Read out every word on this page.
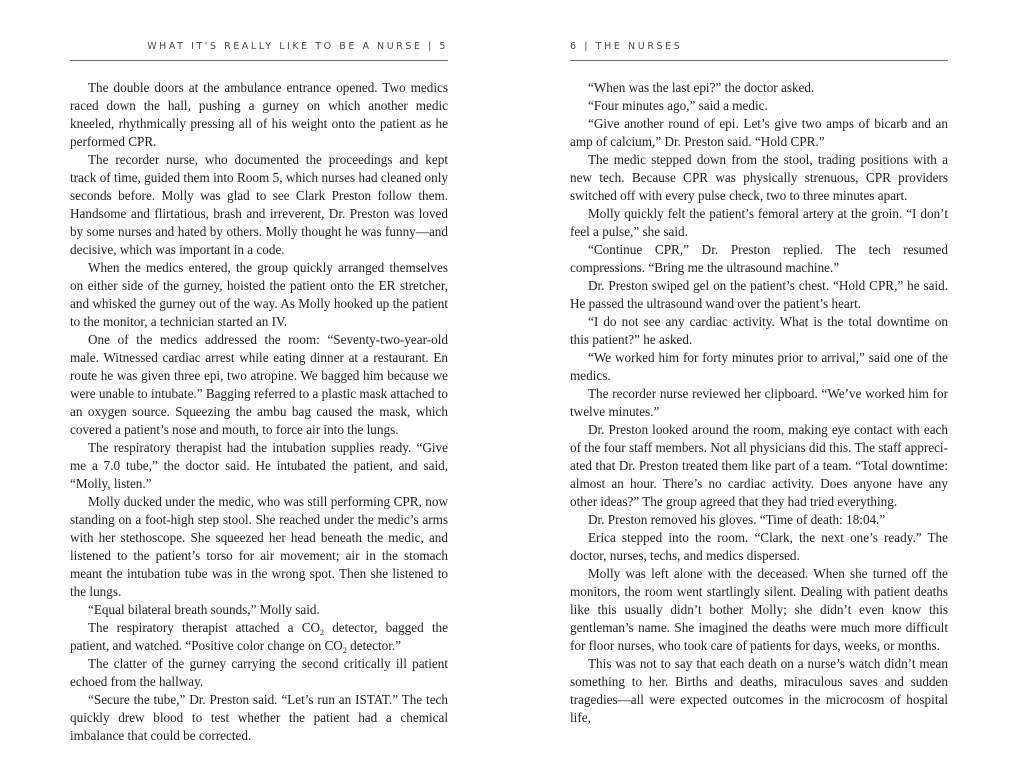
WHAT IT'S REALLY LIKE TO BE A NURSE | 5

The double doors at the ambulance entrance opened. Two medics raced down the hall, pushing a gurney on which another medic kneeled, rhythmically pressing all of his weight onto the patient as he performed CPR.

The recorder nurse, who documented the proceedings and kept track of time, guided them into Room 5, which nurses had cleaned only seconds before. Molly was glad to see Clark Preston follow them. Handsome and flirtatious, brash and irreverent, Dr. Preston was loved by some nurses and hated by others. Molly thought he was funny—and decisive, which was important in a code.

When the medics entered, the group quickly arranged themselves on either side of the gurney, hoisted the patient onto the ER stretcher, and whisked the gurney out of the way. As Molly hooked up the patient to the monitor, a technician started an IV.

One of the medics addressed the room: “Seventy-two-year-old male. Witnessed cardiac arrest while eating dinner at a restaurant. En route he was given three epi, two atropine. We bagged him because we were unable to intubate.” Bagging referred to a plastic mask attached to an oxygen source. Squeezing the ambu bag caused the mask, which covered a patient’s nose and mouth, to force air into the lungs.

The respiratory therapist had the intubation supplies ready. “Give me a 7.0 tube,” the doctor said. He intubated the patient, and said, “Molly, listen.”

Molly ducked under the medic, who was still performing CPR, now standing on a foot-high step stool. She reached under the medic’s arms with her stethoscope. She squeezed her head beneath the medic, and listened to the patient’s torso for air movement; air in the stomach meant the intubation tube was in the wrong spot. Then she listened to the lungs.

“Equal bilateral breath sounds,” Molly said.

The respiratory therapist attached a $CO_2$ detector, bagged the patient, and watched. “Positive color change on $CO_2$ detector.”

The clatter of the gurney carrying the second critically ill patient echoed from the hallway.

“Secure the tube,” Dr. Preston said. “Let’s run an ISTAT.” The tech quickly drew blood to test whether the patient had a chemical imbalance that could be corrected.

6 | THE NURSES

“When was the last epi?” the doctor asked.

“Four minutes ago,” said a medic.

“Give another round of epi. Let’s give two amps of bicarb and an amp of calcium,” Dr. Preston said. “Hold CPR.”

The medic stepped down from the stool, trading positions with a new tech. Because CPR was physically strenuous, CPR providers switched off with every pulse check, two to three minutes apart.

Molly quickly felt the patient’s femoral artery at the groin. “I don’t feel a pulse,” she said.

“Continue CPR,” Dr. Preston replied. The tech resumed compressions. “Bring me the ultrasound machine.”

Dr. Preston swiped gel on the patient’s chest. “Hold CPR,” he said. He passed the ultrasound wand over the patient’s heart.

“I do not see any cardiac activity. What is the total downtime on this patient?” he asked.

“We worked him for forty minutes prior to arrival,” said one of the medics.

The recorder nurse reviewed her clipboard. “We’ve worked him for twelve minutes.”

Dr. Preston looked around the room, making eye contact with each of the four staff members. Not all physicians did this. The staff appreciated that Dr. Preston treated them like part of a team. “Total downtime: almost an hour. There’s no cardiac activity. Does anyone have any other ideas?” The group agreed that they had tried everything.

Dr. Preston removed his gloves. “Time of death: 18:04.”

Erica stepped into the room. “Clark, the next one’s ready.” The doctor, nurses, techs, and medics dispersed.

Molly was left alone with the deceased. When she turned off the monitors, the room went startlingly silent. Dealing with patient deaths like this usually didn’t bother Molly; she didn’t even know this gentleman’s name. She imagined the deaths were much more difficult for floor nurses, who took care of patients for days, weeks, or months.

This was not to say that each death on a nurse’s watch didn’t mean something to her. Births and deaths, miraculous saves and sudden tragedies—all were expected outcomes in the microcosm of hospital life,
